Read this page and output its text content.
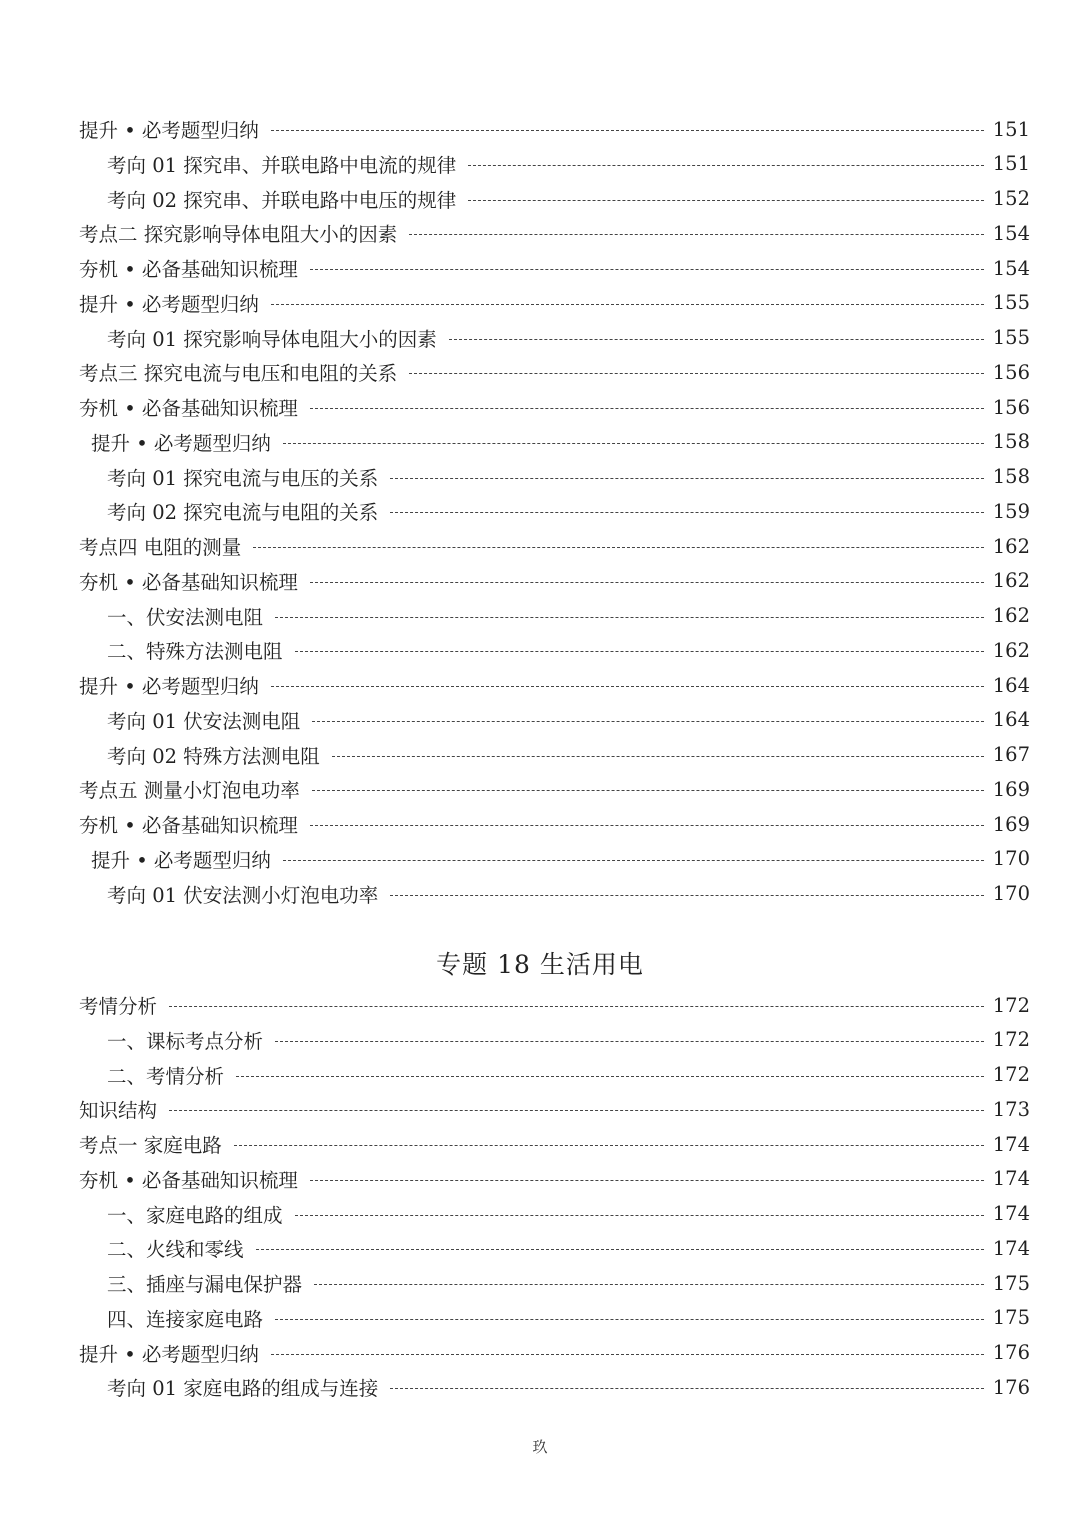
提升 • 必考题型归纳	151
考向 01 探究串、并联电路中电流的规律	151
考向 02 探究串、并联电路中电压的规律	152
考点二 探究影响导体电阻大小的因素	154
夯机 • 必备基础知识梳理	154
提升 • 必考题型归纳	155
考向 01 探究影响导体电阻大小的因素	155
考点三 探究电流与电压和电阻的关系	156
夯机 • 必备基础知识梳理	156
提升 • 必考题型归纳	158
考向 01 探究电流与电压的关系	158
考向 02 探究电流与电阻的关系	159
考点四 电阻的测量	162
夯机 • 必备基础知识梳理	162
一、伏安法测电阻	162
二、特殊方法测电阻	162
提升 • 必考题型归纳	164
考向 01 伏安法测电阻	164
考向 02 特殊方法测电阻	167
考点五 测量小灯泡电功率	169
夯机 • 必备基础知识梳理	169
提升 • 必考题型归纳	170
考向 01 伏安法测小灯泡电功率	170
专题 18 生活用电
考情分析	172
一、课标考点分析	172
二、考情分析	172
知识结构	173
考点一 家庭电路	174
夯机 • 必备基础知识梳理	174
一、家庭电路的组成	174
二、火线和零线	174
三、插座与漏电保护器	175
四、连接家庭电路	175
提升 • 必考题型归纳	176
考向 01 家庭电路的组成与连接	176
玖
